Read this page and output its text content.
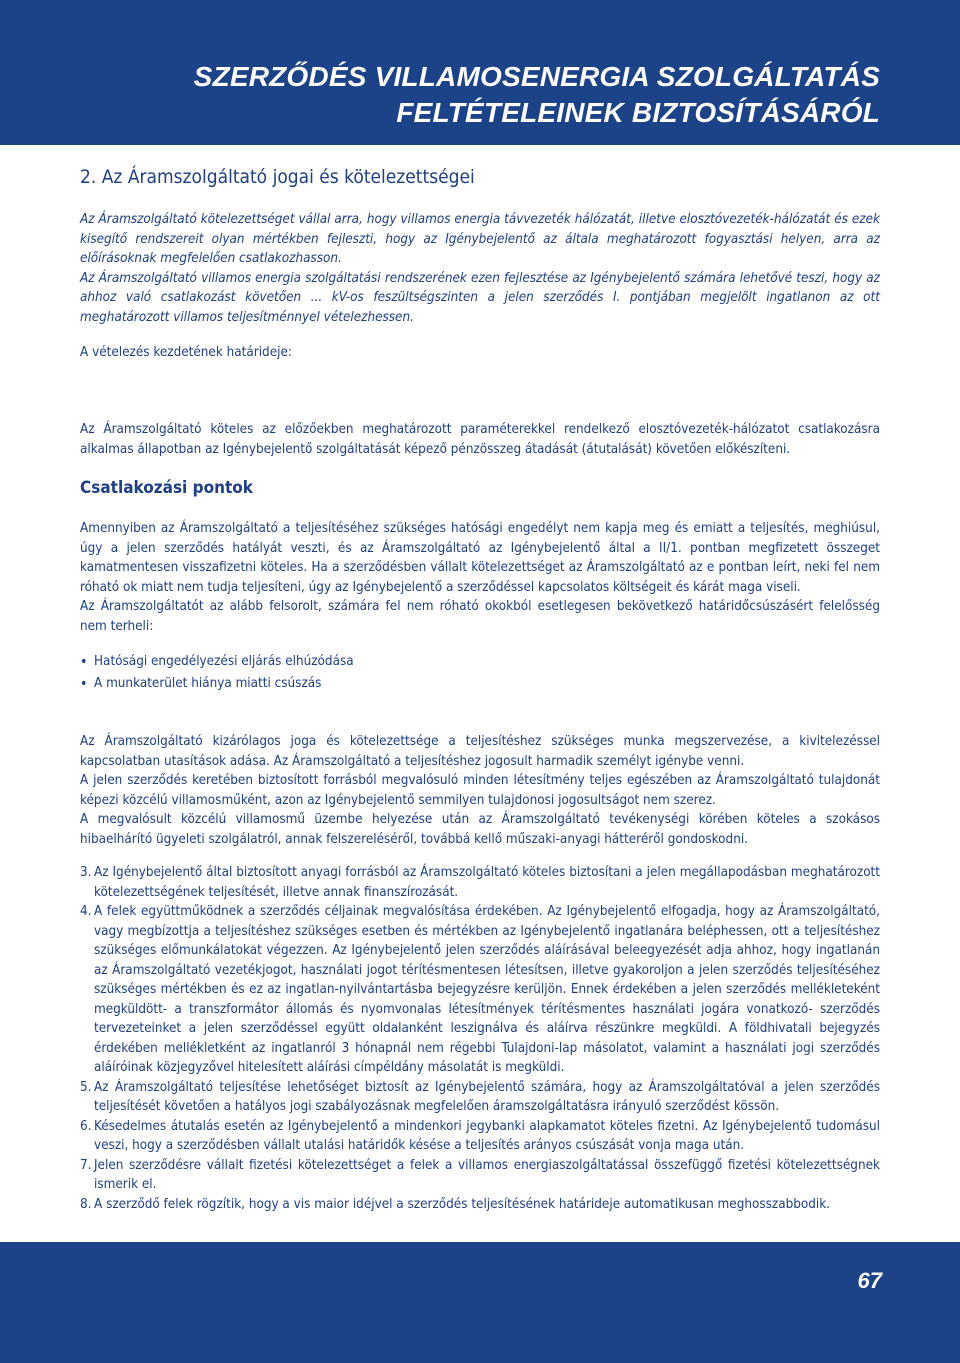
SZERZŐDÉS VILLAMOSENERGIA SZOLGÁLTATÁS
FELTÉTELEINEK BIZTOSÍTÁSÁRÓL
2. Az Áramszolgáltató jogai és kötelezettségei

Az Áramszolgáltató kötelezettséget vállal arra, hogy villamos energia távvezeték hálózatát, illetve elosztóvezeték-hálózatát és ezek kisegítő rendszereit olyan mértékben fejleszti, hogy az Igénybejelentő az általa meghatározott fogyasztási helyen, arra az előírásoknak megfelelően csatlakozhasson.

Az Áramszolgáltató villamos energia szolgáltatási rendszerének ezen fejlesztése az Igénybejelentő számára lehetővé teszi, hogy az ahhoz való csatlakozást követően ... kV-os feszültségszinten a jelen szerződés I. pontjában megjelölt ingatlanon az ott meghatározott villamos teljesítménnyel vételezhessen.

A vételezés kezdetének határideje:

Az Áramszolgáltató köteles az előzőekben meghatározott paraméterekkel rendelkező elosztóvezeték-hálózatot csatlakozásra alkalmas állapotban az Igénybejelentő szolgáltatását képező pénzösszeg átadását (átutalását) követően előkészíteni.

Csatlakozási pontok

Amennyiben az Áramszolgáltató a teljesítéséhez szükséges hatósági engedélyt nem kapja meg és emiatt a teljesítés, meghiúsul, úgy a jelen szerződés hatályát veszti, és az Áramszolgáltató az Igénybejelentő által a II/1. pontban megfizetett összeget kamatmentesen visszafizetni köteles. Ha a szerződésben vállalt kötelezettséget az Áramszolgáltató az e pontban leírt, neki fel nem róható ok miatt nem tudja teljesíteni, úgy az Igénybejelentő a szerződéssel kapcsolatos költségeit és kárát maga viseli.

Az Áramszolgáltatót az alább felsorolt, számára fel nem róható okokból esetlegesen bekövetkező határidőcsúszásért felelősség nem terheli:

• Hatósági engedélyezési eljárás elhúzódása
• A munkaterület hiánya miatti csúszás

Az Áramszolgáltató kizárólagos joga és kötelezettsége a teljesítéshez szükséges munka megszervezése, a kivitelezéssel kapcsolatban utasítások adása. Az Áramszolgáltató a teljesítéshez jogosult harmadik személyt igénybe venni.

A jelen szerződés keretében biztosított forrásból megvalósuló minden létesítmény teljes egészében az Áramszolgáltató tulajdonát képezi közcélú villamosműként, azon az Igénybejelentő semmilyen tulajdonosi jogosultságot nem szerez.

A megvalósult közcélú villamosmű üzembe helyezése után az Áramszolgáltató tevékenységi körében köteles a szokásos hibaelhárító ügyeleti szolgálatról, annak felszereléséről, továbbá kellő műszaki-anyagi hátteréről gondoskodni.

3. Az Igénybejelentő által biztosított anyagi forrásból az Áramszolgáltató köteles biztosítani a jelen megállapodásban meghatározott kötelezettségének teljesítését, illetve annak finanszírozását.
4. A felek együttműködnek a szerződés céljainak megvalósítása érdekében. Az Igénybejelentő elfogadja, hogy az Áramszolgáltató, vagy megbízottja a teljesítéshez szükséges esetben és mértékben az Igénybejelentő ingatlanára beléphessen, ott a teljesítéshez szükséges előmunkálatokat végezzen. Az Igénybejelentő jelen szerződés aláírásával beleegyezését adja ahhoz, hogy ingatlanán az Áramszolgáltató vezetékjogot, használati jogot térítésmentesen létesítsen, illetve gyakoroljon a jelen szerződés teljesítéséhez szükséges mértékben és ez az ingatlan-nyilvántartásba bejegyzésre kerüljön. Ennek érdekében a jelen szerződés mellékleteként megküldött- a transzformátor állomás és nyomvonalas létesítmények térítésmentes használati jogára vonatkozó- szerződés tervezeteinket a jelen szerződéssel együtt oldalanként leszignálva és aláírva részünkre megküldi. A földhivatali bejegyzés érdekében mellékletként az ingatlanról 3 hónapnál nem régebbi Tulajdoni-lap másolatot, valamint a használati jogi szerződés aláíróinak közjegyzővel hitelesített aláírási címpéldány másolatát is megküldi.
5. Az Áramszolgáltató teljesítése lehetőséget biztosít az Igénybejelentő számára, hogy az Áramszolgáltatóval a jelen szerződés teljesítését követően a hatályos jogi szabályozásnak megfelelően áramszolgáltatásra irányuló szerződést kössön.
6. Késedelmes átutalás esetén az Igénybejelentő a mindenkori jegybanki alapkamatot köteles fizetni. Az Igénybejelentő tudomásul veszi, hogy a szerződésben vállalt utalási határidők késése a teljesítés arányos csúszását vonja maga után.
7. Jelen szerződésre vállalt fizetési kötelezettséget a felek a villamos energiaszolgáltatással összefüggő fizetési kötelezettségnek ismerik el.
8. A szerződő felek rögzítik, hogy a vis maior idéjvel a szerződés teljesítésének határideje automatikusan meghosszabbodik.
67
